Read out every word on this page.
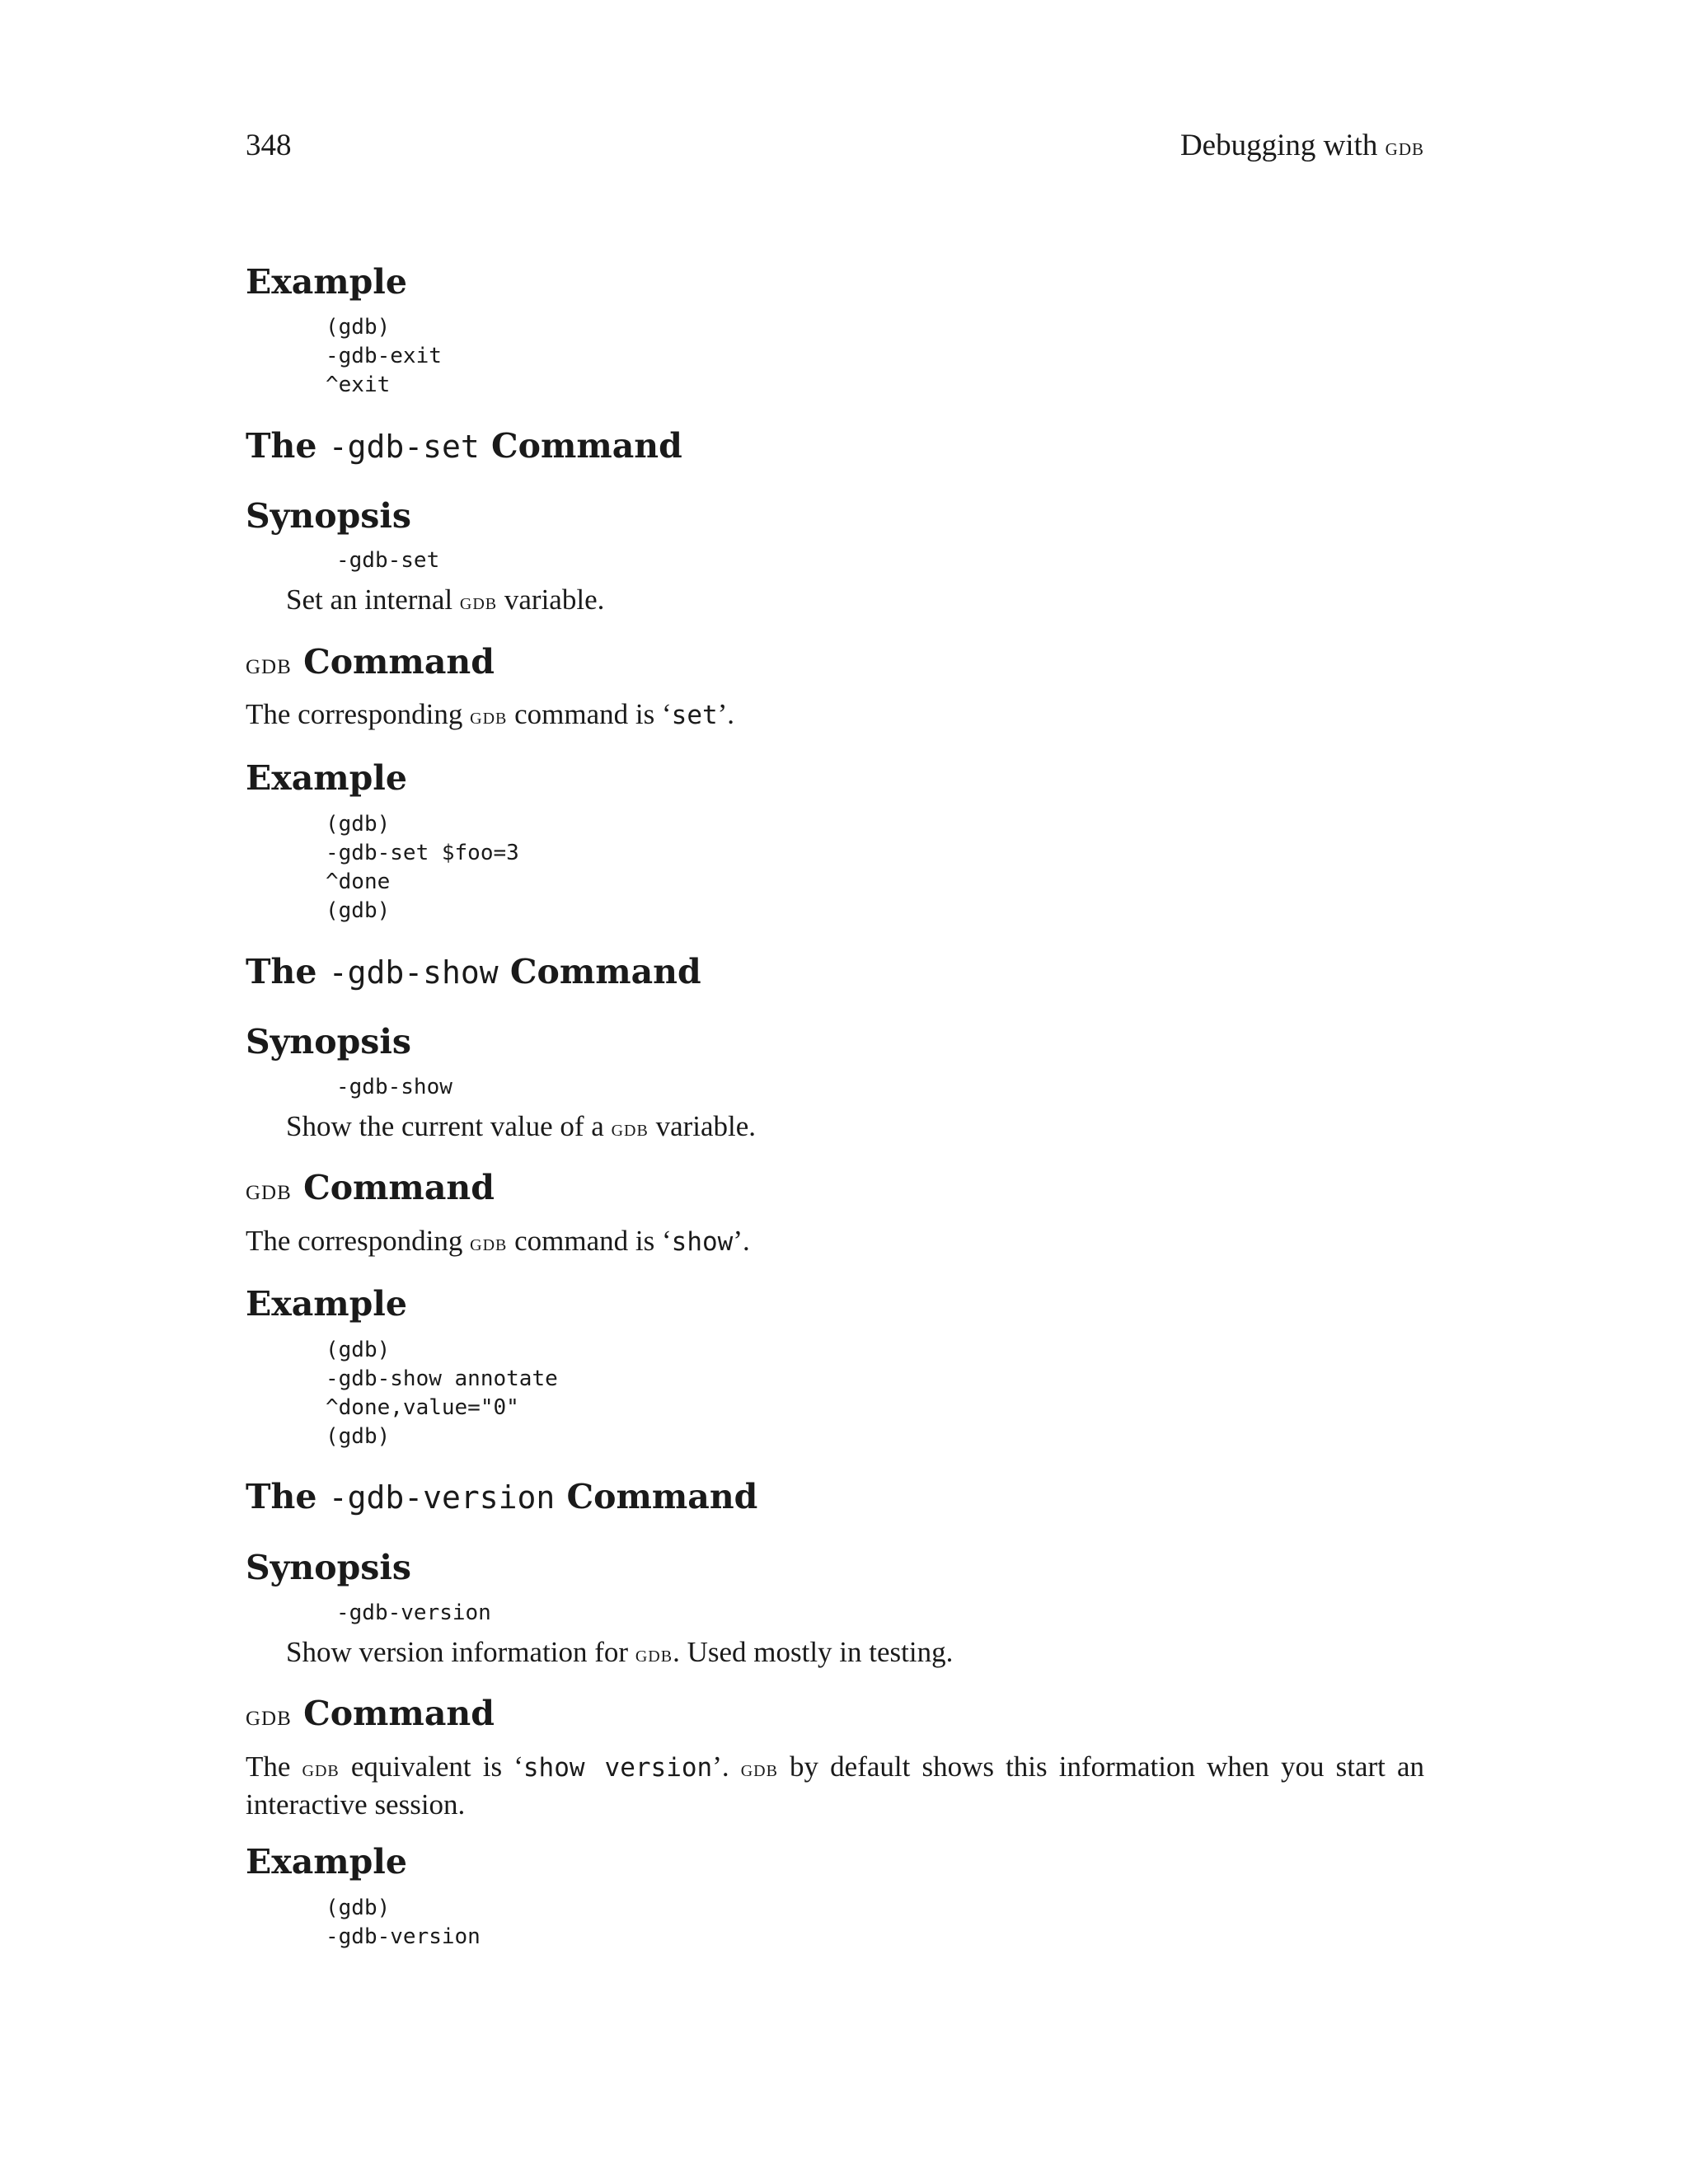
348	Debugging with gdb
Example
(gdb)
-gdb-exit
^exit
The -gdb-set Command
Synopsis
-gdb-set
Set an internal gdb variable.
gdb Command
The corresponding gdb command is ‘set’.
Example
(gdb)
-gdb-set $foo=3
^done
(gdb)
The -gdb-show Command
Synopsis
-gdb-show
Show the current value of a gdb variable.
gdb Command
The corresponding gdb command is ‘show’.
Example
(gdb)
-gdb-show annotate
^done,value="0"
(gdb)
The -gdb-version Command
Synopsis
-gdb-version
Show version information for gdb. Used mostly in testing.
gdb Command
The gdb equivalent is ‘show version’. gdb by default shows this information when you start an interactive session.
Example
(gdb)
-gdb-version
